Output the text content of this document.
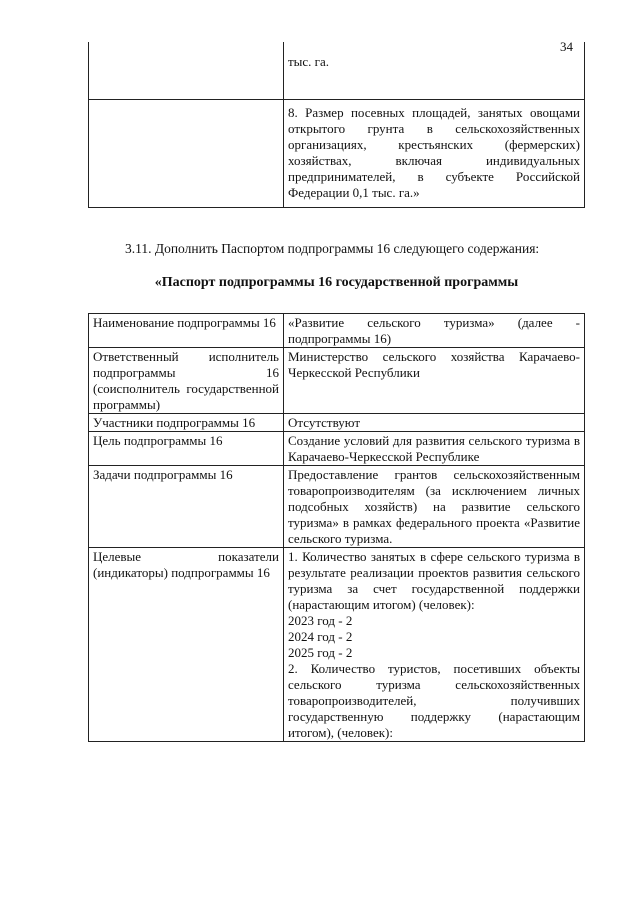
34
	тыс. га.
	8. Размер посевных площадей, занятых овощами открытого грунта в сельскохозяйственных организациях, крестьянских (фермерских) хозяйствах, включая индивидуальных предпринимателей, в субъекте Российской Федерации 0,1 тыс. га.»
3.11. Дополнить Паспортом подпрограммы 16 следующего содержания:
«Паспорт подпрограммы 16 государственной программы
Наименование подпрограммы 16	«Развитие сельского туризма» (далее - подпрограммы 16)
Ответственный исполнитель подпрограммы 16 (соисполнитель государственной программы)	Министерство сельского хозяйства Карачаево-Черкесской Республики
Участники подпрограммы 16	Отсутствуют
Цель подпрограммы 16	Создание условий для развития сельского туризма в Карачаево-Черкесской Республике
Задачи подпрограммы 16	Предоставление грантов сельскохозяйственным товаропроизводителям (за исключением личных подсобных хозяйств) на развитие сельского туризма» в рамках федерального проекта «Развитие сельского туризма.
Целевые показатели (индикаторы) подпрограммы 16	1. Количество занятых в сфере сельского туризма в результате реализации проектов развития сельского туризма за счет государственной поддержки (нарастающим итогом) (человек):
2023 год - 2
2024 год - 2
2025 год - 2
2. Количество туристов, посетивших объекты сельского туризма сельскохозяйственных товаропроизводителей, получивших государственную поддержку (нарастающим итогом), (человек):
